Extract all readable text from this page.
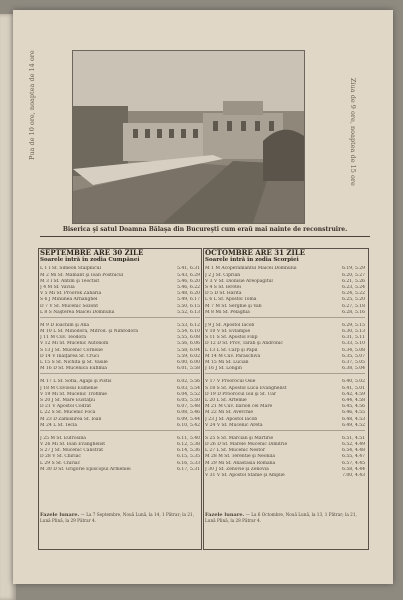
Pua de 10 ore, noaptea de 14 ore	Ziua de 9 ore, noaptea de 15 ore
Biserica şi satul Doamna Bălaşa din Bucureşti cum eraŭ mai nainte de reconstruire.
SEPTEMBRE ARE 30 ZILE
Soarele intră în zodia Cumpănei
L 1 I Sf. Simeon Stâlpnicul	5.41, 6.31
M 2 Mi Sf. Mamant şi Ioan Postnicul	5.43, 6.29
M 3 I Sf. Antim şi Teoctist	5.46, 6.20
J 4 M Sf. Vavila	5.46, 6.22
V 5 Mi Sf. Proorok Zaharia	5.48, 6.20
S 6 J Minunea Arhanghel	5.49, 6.17
D 7 V Sf. Mucenic Sozont	5.50, 6.15
L 8 S Naşterea Maicei Domnului	5.52, 6.13
M 9 D Ioachim şi Ana	5.53, 6.12
M 10 L Sf. Minodora, Mitrod. şi Nimfodora	5.54, 6.10
J 11 M Cuv. Teodora	5.55, 6.08
V 12 Mi Sf. Mucenic Autonom	5.56, 6.06
S 13 J Sf. Mucenic Cornelie	5.58, 6.04
D 14 V Inălţarea Sf. Cruci	5.59, 6.02
L 15 S Sf. Nichita şi Sf. Vasile	6.00, 6.00
M 16 D Sf. Mucenica Eufimia	6.01, 5.58
M 17 L Sf. Sofia, Agapi şi Pistis	6.02, 5.56
J 18 M Cuviosul Eumenie	6.03, 5.54
V 19 Mi Sf. Mucenic Trofimie	6.04, 5.52
S 20 J Sf. Mare Eustaţiu	6.05, 5.50
D 21 V Apostol Codrat	6.07, 5.48
L 22 S Sf. Mucenic Foca	6.08, 5.46
M 23 D Zămislirea Sf. Ioan	6.09, 5.44
M 24 L Sf. Tecla	6.10, 5.42
J 25 M Sf. Eufrosina	6.11, 5.40
V 26 Mi Sf. Ioan Evanghelist	6.12, 5.38
S 27 J Sf. Mucenic Calistrat	6.14, 5.36
D 28 V Sf. Chiriac	6.15, 5.35
L 29 S Sf. Chiriac	6.16, 5.33
M 30 D Sf. Grigorie Episcopul Armeniei	6.17, 5.31
OCTOMBRE ARE 31 ZILE
Soarele intră în zodia Scorpiei
M 1 M Acoperământul Maicei Domnului	6.19, 5.29
J 2 J Sf. Ciprian	6.20, 5.27
V 3 V Sf. Dionisie Areopagitul	6.21, 5.26
S 4 S Sf. Ierotei	6.23, 5.24
D 5 D Sf. Harita	6.24, 5.22
L 6 L Sf. Apostol Toma	6.25, 5.20
M 7 M Sf. Serghie şi Vah	6.27, 5.18
M 8 Mi Sf. Pelaghia	6.28, 5.16
J 9 J Sf. Apostol Iacob	6.29, 5.15
V 10 V Sf. Evlampie	6.30, 5.13
S 11 S Sf. Apostol Filip	6.31, 5.11
D 12 D Sf. Prov, Tarah şi Andronic	6.33, 5.10
L 13 L Sf. Carp şi Papil	6.34, 5.08
M 14 M Cuv. Paraschiva	6.35, 5.07
M 15 Mi Sf. Lucian	6.37, 5.05
J 16 J Sf. Longin	6.38, 5.04
V 17 V Proorocul Osie	6.40, 5.02
S 18 S Sf. Apostol Luca Evanghelist	6.41, 5.01
D 19 D Proorocul Ioil şi Sf. Uar	6.42, 4.59
L 20 L Sf. Artemie	6.44, 4.58
M 21 M Cuv. Ilarion cel Mare	6.45, 4.56
M 22 Mi Sf. Averchie	6.46, 4.55
J 23 J Sf. Apostol Iacob	6.48, 4.53
V 24 V Sf. Mucenic Areta	6.49, 4.52
S 25 S Sf. Marcian şi Martirie	6.51, 4.51
D 26 D Sf. Marele Mucenic Dimitrie	6.52, 4.49
L 27 L Sf. Mucenic Nestor	6.54, 4.48
M 28 M Sf. Terentie şi Neonila	6.55, 4.47
M 29 Mi Sf. Anastasia Romana	6.57, 4.45
J 30 J Sf. Zenovie şi Zenovia	6.58, 4.44
V 31 V Sf. Apostol Stahie şi Amplie	7.00, 4.43
Fazele lunare. — La 7 Septembre, Nouă Lună, la 14, 1 Pătrar; la 21, Lună Plină, la 29 Pătrar 4.
Fazele lunare. — La 6 Octombre, Nouă Lună, la 13, 1 Pătrar; la 21, Lună Plină, la 28 Pătrar 4.
